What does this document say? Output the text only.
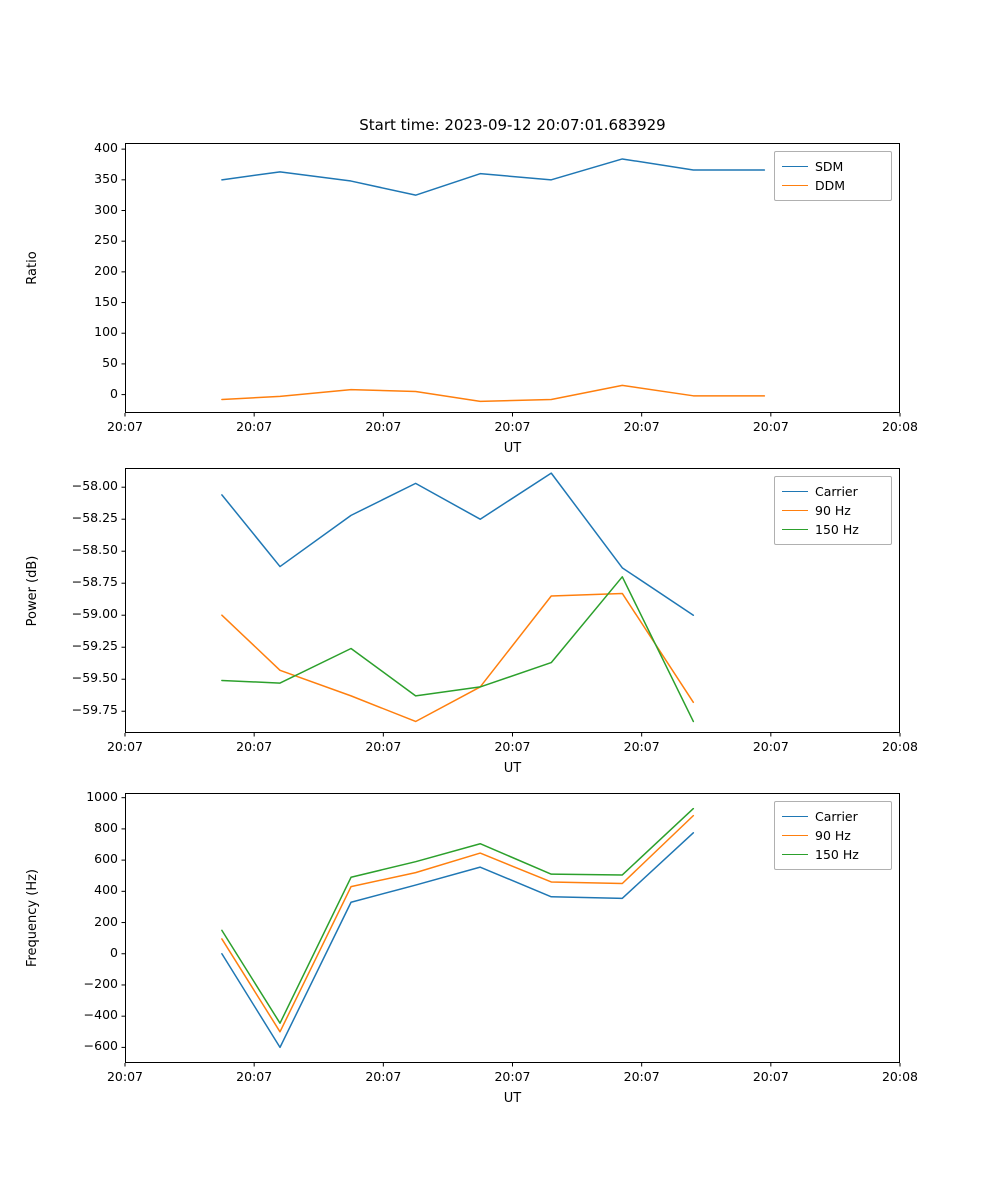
20:07	20:07	20:07	20:07	20:07	20:07	20:08
0
50
100
150
200
250
300
350
400
UT
Ratio
Start time: 2023-09-12 20:07:01.683929
SDM
DDM
20:07	20:07	20:07	20:07	20:07	20:07	20:08
−59.75
−59.50
−59.25
−59.00
−58.75
−58.50
−58.25
−58.00
UT
Power (dB)
Carrier
90 Hz
150 Hz
20:07	20:07	20:07	20:07	20:07	20:07	20:08
−600
−400
−200
0
200
400
600
800
1000
UT
Frequency (Hz)
Carrier
90 Hz
150 Hz
